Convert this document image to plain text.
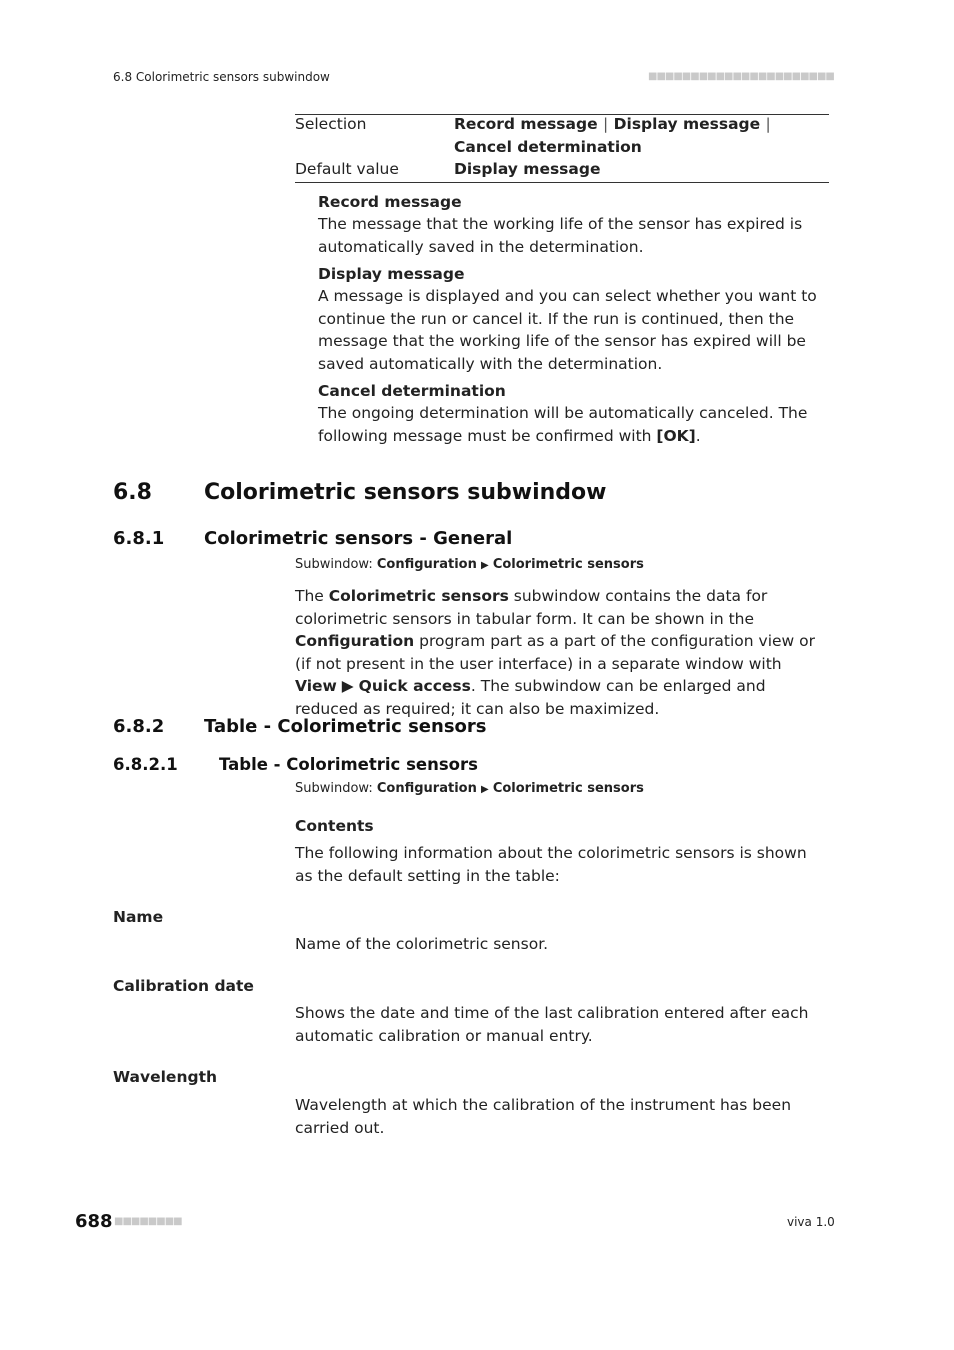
6.8 Colorimetric sensors subwindow	■■■■■■■■■■■■■■■■■■■■■■
Selection	Record message | Display message | Cancel determination
Default value	Display message
Record message
The message that the working life of the sensor has expired is automatically saved in the determination.
Display message
A message is displayed and you can select whether you want to continue the run or cancel it. If the run is continued, then the message that the working life of the sensor has expired will be saved automatically with the determination.
Cancel determination
The ongoing determination will be automatically canceled. The following message must be confirmed with [OK].
6.8 Colorimetric sensors subwindow
6.8.1 Colorimetric sensors - General
Subwindow: Configuration ▶ Colorimetric sensors
The Colorimetric sensors subwindow contains the data for colorimetric sensors in tabular form. It can be shown in the Configuration program part as a part of the configuration view or (if not present in the user interface) in a separate window with View ▶ Quick access. The subwindow can be enlarged and reduced as required; it can also be maximized.
6.8.2 Table - Colorimetric sensors
6.8.2.1	Table - Colorimetric sensors
Subwindow: Configuration ▶ Colorimetric sensors
Contents
The following information about the colorimetric sensors is shown as the default setting in the table:
Name
Name of the colorimetric sensor.
Calibration date
Shows the date and time of the last calibration entered after each automatic calibration or manual entry.
Wavelength
Wavelength at which the calibration of the instrument has been carried out.
688 ■■■■■■■■	viva 1.0
